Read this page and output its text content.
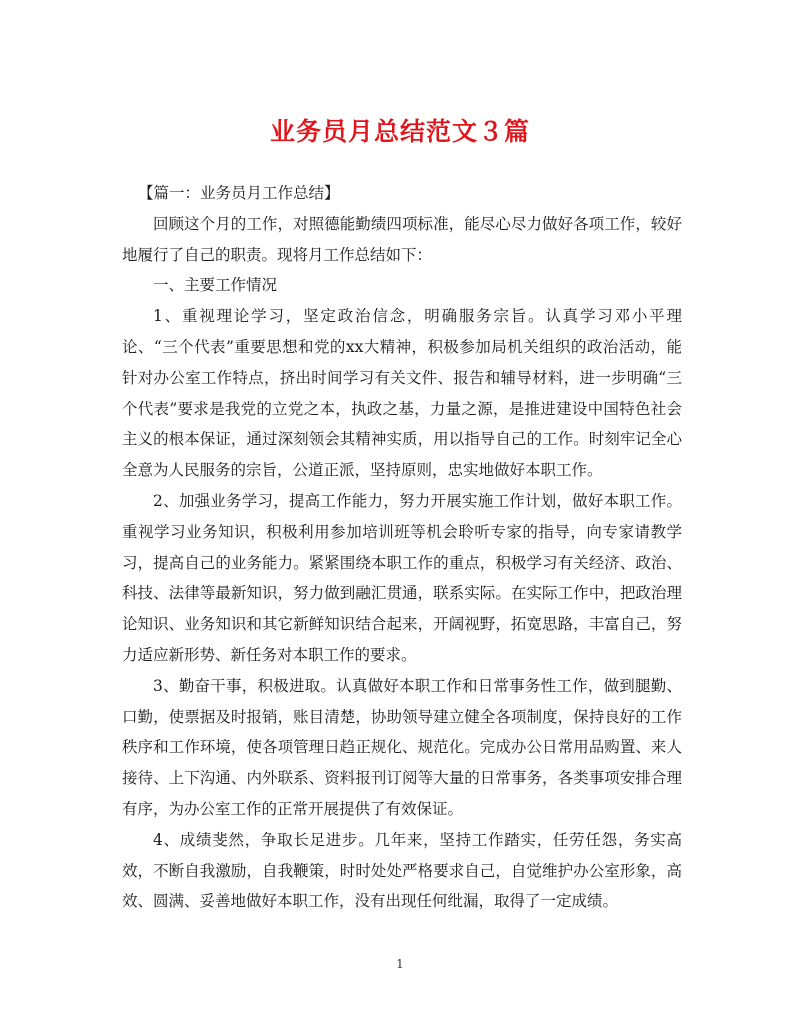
业务员月总结范文３篇

【篇一：业务员月工作总结】

回顾这个月的工作，对照德能勤绩四项标准，能尽心尽力做好各项工作，较好地履行了自己的职责。现将月工作总结如下：

一、主要工作情况

1、重视理论学习，坚定政治信念，明确服务宗旨。认真学习邓小平理论、“三个代表”重要思想和党的xx大精神，积极参加局机关组织的政治活动，能针对办公室工作特点，挤出时间学习有关文件、报告和辅导材料，进一步明确“三个代表”要求是我党的立党之本，执政之基，力量之源，是推进建设中国特色社会主义的根本保证，通过深刻领会其精神实质，用以指导自己的工作。时刻牢记全心全意为人民服务的宗旨，公道正派，坚持原则，忠实地做好本职工作。

2、加强业务学习，提高工作能力，努力开展实施工作计划，做好本职工作。重视学习业务知识，积极利用参加培训班等机会聆听专家的指导，向专家请教学习，提高自己的业务能力。紧紧围绕本职工作的重点，积极学习有关经济、政治、科技、法律等最新知识，努力做到融汇贯通，联系实际。在实际工作中，把政治理论知识、业务知识和其它新鲜知识结合起来，开阔视野，拓宽思路，丰富自己，努力适应新形势、新任务对本职工作的要求。

3、勤奋干事，积极进取。认真做好本职工作和日常事务性工作，做到腿勤、口勤，使票据及时报销，账目清楚，协助领导建立健全各项制度，保持良好的工作秩序和工作环境，使各项管理日趋正规化、规范化。完成办公日常用品购置、来人接待、上下沟通、内外联系、资料报刊订阅等大量的日常事务，各类事项安排合理有序，为办公室工作的正常开展提供了有效保证。

4、成绩斐然，争取长足进步。几年来，坚持工作踏实，任劳任怨，务实高效，不断自我激励，自我鞭策，时时处处严格要求自己，自觉维护办公室形象，高效、圆满、妥善地做好本职工作，没有出现任何纰漏，取得了一定成绩。

1
